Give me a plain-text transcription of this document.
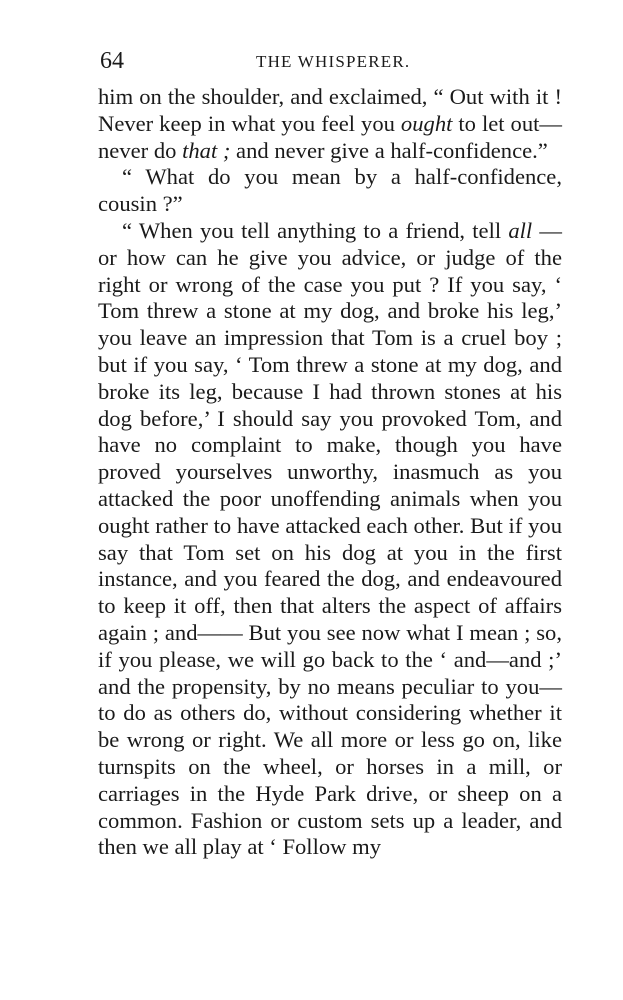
64	THE WHISPERER.

him on the shoulder, and exclaimed, “ Out with it ! Never keep in what you feel you ought to let out—never do that ; and never give a half-confidence.”

“ What do you mean by a half-confidence, cousin ?”

“ When you tell anything to a friend, tell all —or how can he give you advice, or judge of the right or wrong of the case you put ? If you say, ‘ Tom threw a stone at my dog, and broke his leg,’ you leave an impression that Tom is a cruel boy ; but if you say, ‘ Tom threw a stone at my dog, and broke its leg, because I had thrown stones at his dog before,’ I should say you provoked Tom, and have no complaint to make, though you have proved yourselves unworthy, inasmuch as you attacked the poor unoffending animals when you ought rather to have attacked each other. But if you say that Tom set on his dog at you in the first instance, and you feared the dog, and endeavoured to keep it off, then that alters the aspect of affairs again ; and—— But you see now what I mean ; so, if you please, we will go back to the ‘ and—and ;’ and the propensity, by no means peculiar to you—to do as others do, without considering whether it be wrong or right. We all more or less go on, like turnspits on the wheel, or horses in a mill, or carriages in the Hyde Park drive, or sheep on a common. Fashion or custom sets up a leader, and then we all play at ‘ Follow my
